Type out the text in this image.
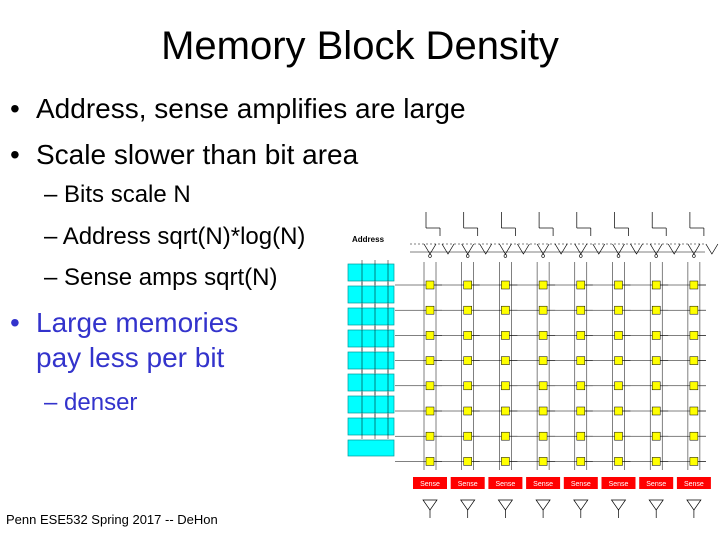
Memory Block Density
• Address, sense amplifies are large
• Scale slower than bit area
– Bits scale N
– Address sqrt(N)*log(N)
– Sense amps sqrt(N)
• Large memories
pay less per bit
– denser
Penn ESE532 Spring 2017 -- DeHon
Address
Sense	Sense	Sense	Sense	Sense	Sense	Sense	Sense
